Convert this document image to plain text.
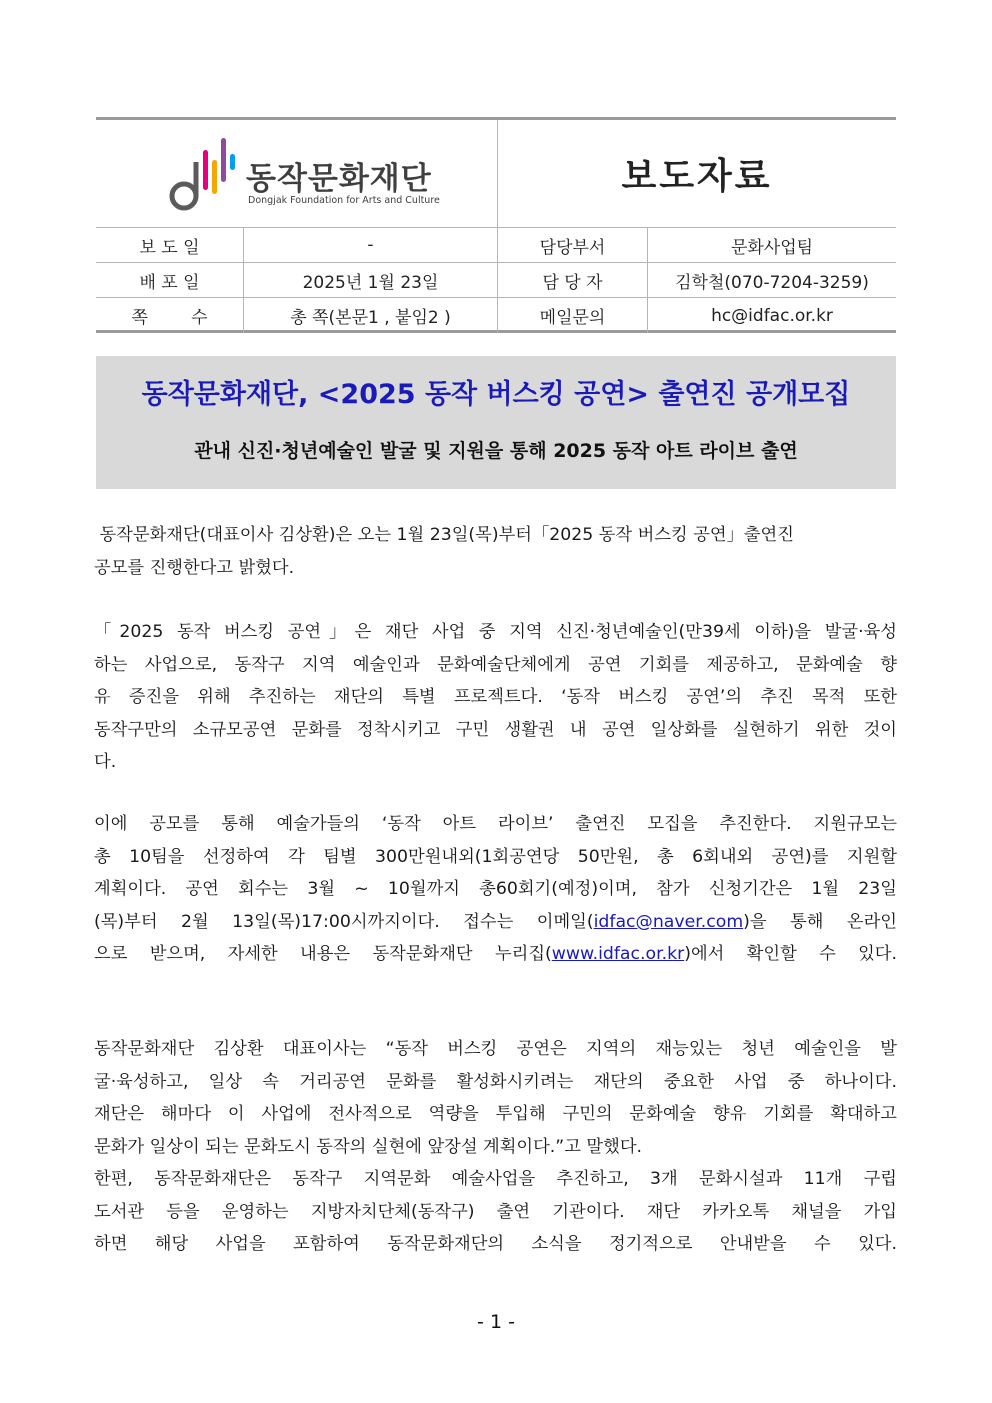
동작문화재단
Dongjak Foundation for Arts and Culture
보도자료
보 도 일	-	담당부서	문화사업팀
배 포 일	2025년 1월 23일	담 당 자	김학철(070-7204-3259)
쪽        수	총 쪽(본문1 , 붙임2 )	메일문의	hc@idfac.or.kr
동작문화재단, <2025 동작 버스킹 공연> 출연진 공개모집
관내 신진·청년예술인 발굴 및 지원을 통해 2025 동작 아트 라이브 출연

동작문화재단(대표이사 김상환)은 오는 1월 23일(목)부터「2025 동작 버스킹 공연」출연진
공모를 진행한다고 밝혔다.

「2025 동작 버스킹 공연」은 재단 사업 중 지역 신진·청년예술인(만39세 이하)을 발굴·육성
하는 사업으로, 동작구 지역 예술인과 문화예술단체에게 공연 기회를 제공하고, 문화예술 향
유 증진을 위해 추진하는 재단의 특별 프로젝트다. ‘동작 버스킹 공연’의 추진 목적 또한
동작구만의 소규모공연 문화를 정착시키고 구민 생활권 내 공연 일상화를 실현하기 위한 것이
다.

이에 공모를 통해 예술가들의 ‘동작 아트 라이브’ 출연진 모집을 추진한다. 지원규모는
총 10팀을 선정하여 각 팀별 300만원내외(1회공연당 50만원, 총 6회내외 공연)를 지원할
계획이다. 공연 회수는 3월 ~ 10월까지 총60회기(예정)이며, 참가 신청기간은 1월 23일
(목)부터 2월 13일(목)17:00시까지이다. 접수는 이메일(idfac@naver.com)을 통해 온라인
으로 받으며, 자세한 내용은 동작문화재단 누리집(www.idfac.or.kr)에서 확인할 수 있다.

동작문화재단 김상환 대표이사는 “동작 버스킹 공연은 지역의 재능있는 청년 예술인을 발
굴·육성하고, 일상 속 거리공연 문화를 활성화시키려는 재단의 중요한 사업 중 하나이다.
재단은 해마다 이 사업에 전사적으로 역량을 투입해 구민의 문화예술 향유 기회를 확대하고
문화가 일상이 되는 문화도시 동작의 실현에 앞장설 계획이다.”고 말했다.
한편, 동작문화재단은 동작구 지역문화 예술사업을 추진하고, 3개 문화시설과 11개 구립
도서관 등을 운영하는 지방자치단체(동작구) 출연 기관이다. 재단 카카오톡 채널을 가입
하면 해당 사업을 포함하여 동작문화재단의 소식을 정기적으로 안내받을 수 있다.

- 1 -
